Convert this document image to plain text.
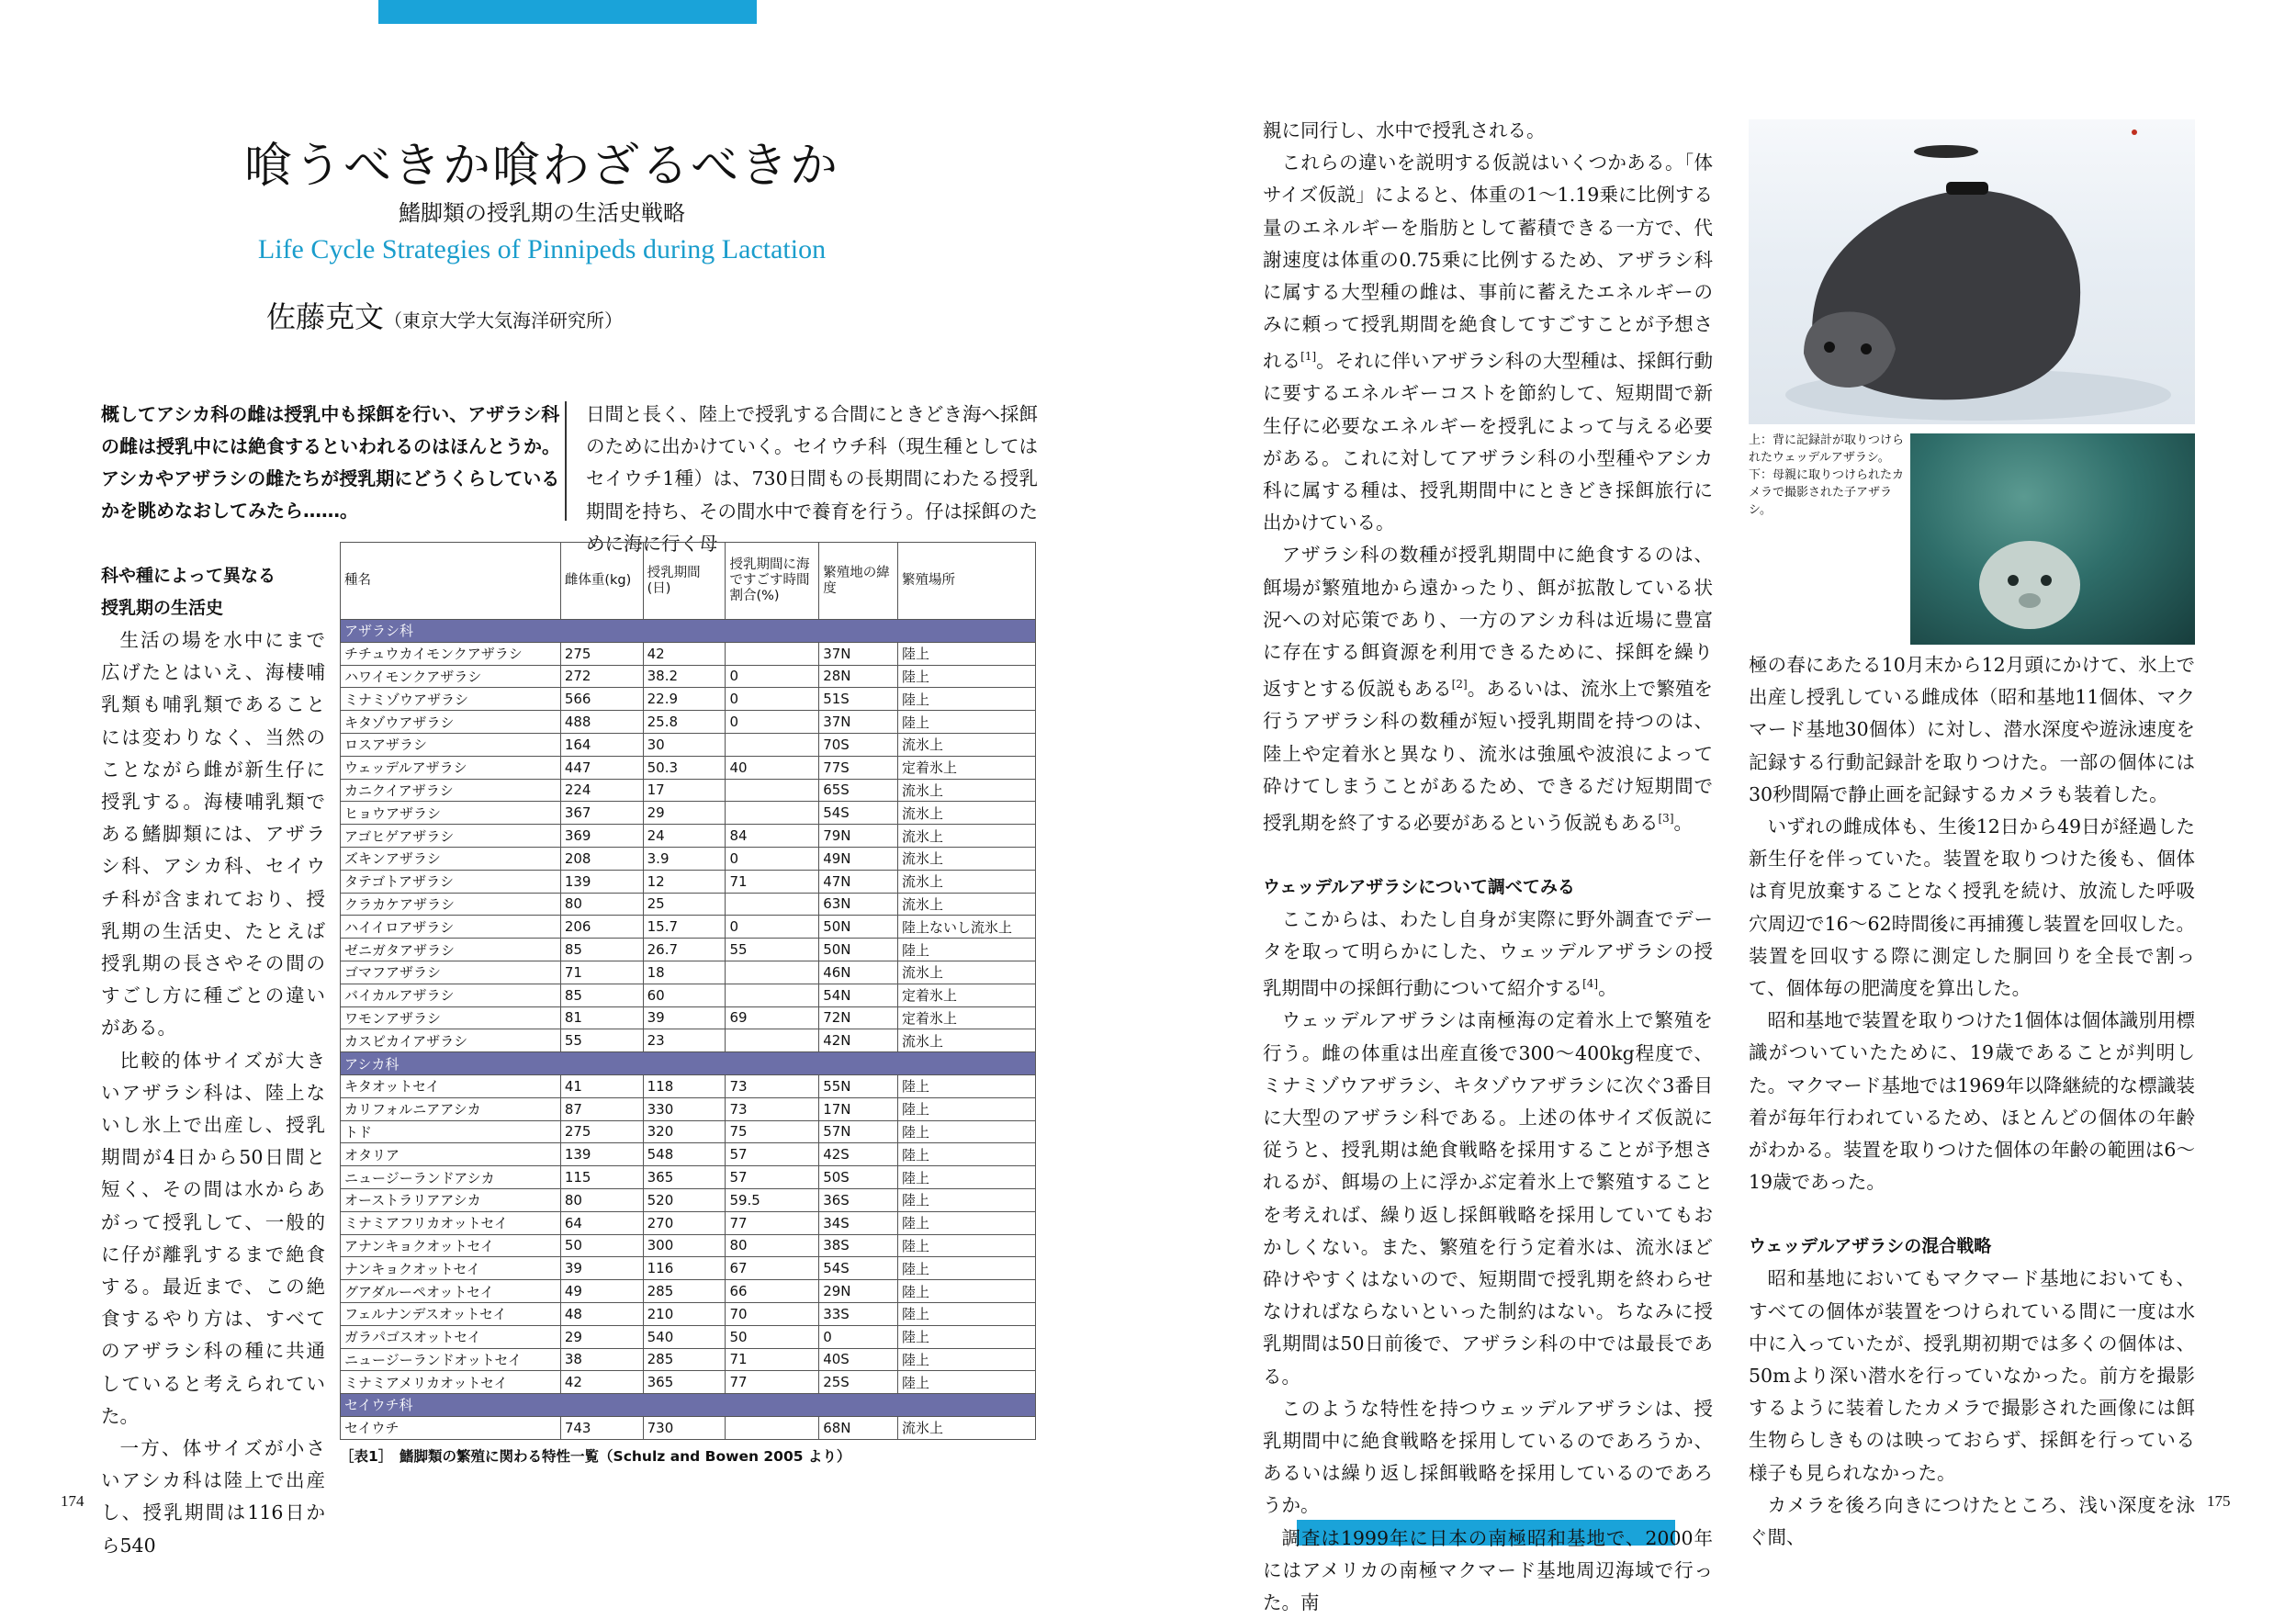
喰うべきか喰わざるべきか
鰭脚類の授乳期の生活史戦略
Life Cycle Strategies of Pinnipeds during Lactation
佐藤克文（東京大学大気海洋研究所）
概してアシカ科の雌は授乳中も採餌を行い、アザラシ科の雌は授乳中には絶食するといわれるのはほんとうか。アシカやアザラシの雌たちが授乳期にどうくらしているかを眺めなおしてみたら……。

科や種によって異なる

授乳期の生活史

生活の場を水中にまで広げたとはいえ、海棲哺乳類も哺乳類であることには変わりなく、当然のことながら雌が新生仔に授乳する。海棲哺乳類である鰭脚類には、アザラシ科、アシカ科、セイウチ科が含まれており、授乳期の生活史、たとえば授乳期の長さやその間のすごし方に種ごとの違いがある。

比較的体サイズが大きいアザラシ科は、陸上ないし氷上で出産し、授乳期間が4日から50日間と短く、その間は水からあがって授乳して、一般的に仔が離乳するまで絶食する。最近まで、この絶食するやり方は、すべてのアザラシ科の種に共通していると考えられていた。

一方、体サイズが小さいアシカ科は陸上で出産し、授乳期間は116日から540

日間と長く、陸上で授乳する合間にときどき海へ採餌のために出かけていく。セイウチ科（現生種としてはセイウチ1種）は、730日間もの長期間にわたる授乳期間を持ち、その間水中で養育を行う。仔は採餌のために海に行く母

種名	雌体重(kg)	授乳期間(日)	授乳期間に海ですごす時間割合(%)	繁殖地の緯度	繁殖場所
アザラシ科					
チチュウカイモンクアザラシ	275	42		37N	陸上
ハワイモンクアザラシ	272	38.2	0	28N	陸上
ミナミゾウアザラシ	566	22.9	0	51S	陸上
キタゾウアザラシ	488	25.8	0	37N	陸上
ロスアザラシ	164	30		70S	流氷上
ウェッデルアザラシ	447	50.3	40	77S	定着氷上
カニクイアザラシ	224	17		65S	流氷上
ヒョウアザラシ	367	29		54S	流氷上
アゴヒゲアザラシ	369	24	84	79N	流氷上
ズキンアザラシ	208	3.9	0	49N	流氷上
タテゴトアザラシ	139	12	71	47N	流氷上
クラカケアザラシ	80	25		63N	流氷上
ハイイロアザラシ	206	15.7	0	50N	陸上ないし流氷上
ゼニガタアザラシ	85	26.7	55	50N	陸上
ゴマフアザラシ	71	18		46N	流氷上
バイカルアザラシ	85	60		54N	定着氷上
ワモンアザラシ	81	39	69	72N	定着氷上
カスピカイアザラシ	55	23		42N	流氷上
アシカ科					
キタオットセイ	41	118	73	55N	陸上
カリフォルニアアシカ	87	330	73	17N	陸上
トド	275	320	75	57N	陸上
オタリア	139	548	57	42S	陸上
ニュージーランドアシカ	115	365	57	50S	陸上
オーストラリアアシカ	80	520	59.5	36S	陸上
ミナミアフリカオットセイ	64	270	77	34S	陸上
アナンキョクオットセイ	50	300	80	38S	陸上
ナンキョクオットセイ	39	116	67	54S	陸上
グアダルーペオットセイ	49	285	66	29N	陸上
フェルナンデスオットセイ	48	210	70	33S	陸上
ガラパゴスオットセイ	29	540	50	0	陸上
ニュージーランドオットセイ	38	285	71	40S	陸上
ミナミアメリカオットセイ	42	365	77	25S	陸上
セイウチ科					
セイウチ	743	730		68N	流氷上
［表1］　鰭脚類の繁殖に関わる特性一覧（Schulz and Bowen 2005 より）
174

親に同行し、水中で授乳される。

これらの違いを説明する仮説はいくつかある。「体サイズ仮説」によると、体重の1～1.19乗に比例する量のエネルギーを脂肪として蓄積できる一方で、代謝速度は体重の0.75乗に比例するため、アザラシ科に属する大型種の雌は、事前に蓄えたエネルギーのみに頼って授乳期間を絶食してすごすことが予想される[1]。それに伴いアザラシ科の大型種は、採餌行動に要するエネルギーコストを節約して、短期間で新生仔に必要なエネルギーを授乳によって与える必要がある。これに対してアザラシ科の小型種やアシカ科に属する種は、授乳期間中にときどき採餌旅行に出かけている。

アザラシ科の数種が授乳期間中に絶食するのは、餌場が繁殖地から遠かったり、餌が拡散している状況への対応策であり、一方のアシカ科は近場に豊富に存在する餌資源を利用できるために、採餌を繰り返すとする仮説もある[2]。あるいは、流氷上で繁殖を行うアザラシ科の数種が短い授乳期間を持つのは、陸上や定着氷と異なり、流氷は強風や波浪によって砕けてしまうことがあるため、できるだけ短期間で授乳期を終了する必要があるという仮説もある[3]。

ウェッデルアザラシについて調べてみる

ここからは、わたし自身が実際に野外調査でデータを取って明らかにした、ウェッデルアザラシの授乳期間中の採餌行動について紹介する[4]。

ウェッデルアザラシは南極海の定着氷上で繁殖を行う。雌の体重は出産直後で300～400kg程度で、ミナミゾウアザラシ、キタゾウアザラシに次ぐ3番目に大型のアザラシ科である。上述の体サイズ仮説に従うと、授乳期は絶食戦略を採用することが予想されるが、餌場の上に浮かぶ定着氷上で繁殖することを考えれば、繰り返し採餌戦略を採用していてもおかしくない。また、繁殖を行う定着氷は、流氷ほど砕けやすくはないので、短期間で授乳期を終わらせなければならないといった制約はない。ちなみに授乳期間は50日前後で、アザラシ科の中では最長である。

このような特性を持つウェッデルアザラシは、授乳期間中に絶食戦略を採用しているのであろうか、あるいは繰り返し採餌戦略を採用しているのであろうか。

調査は1999年に日本の南極昭和基地で、2000年にはアメリカの南極マクマード基地周辺海域で行った。南

上：背に記録計が取りつけられたウェッデルアザラシ。下：母親に取りつけられたカメラで撮影された子アザラシ。

極の春にあたる10月末から12月頭にかけて、氷上で出産し授乳している雌成体（昭和基地11個体、マクマード基地30個体）に対し、潜水深度や遊泳速度を記録する行動記録計を取りつけた。一部の個体には30秒間隔で静止画を記録するカメラも装着した。

いずれの雌成体も、生後12日から49日が経過した新生仔を伴っていた。装置を取りつけた後も、個体は育児放棄することなく授乳を続け、放流した呼吸穴周辺で16～62時間後に再捕獲し装置を回収した。装置を回収する際に測定した胴回りを全長で割って、個体毎の肥満度を算出した。

昭和基地で装置を取りつけた1個体は個体識別用標識がついていたために、19歳であることが判明した。マクマード基地では1969年以降継続的な標識装着が毎年行われているため、ほとんどの個体の年齢がわかる。装置を取りつけた個体の年齢の範囲は6～19歳であった。

ウェッデルアザラシの混合戦略

昭和基地においてもマクマード基地においても、すべての個体が装置をつけられている間に一度は水中に入っていたが、授乳期初期では多くの個体は、50mより深い潜水を行っていなかった。前方を撮影するように装着したカメラで撮影された画像には餌生物らしきものは映っておらず、採餌を行っている様子も見られなかった。

カメラを後ろ向きにつけたところ、浅い深度を泳ぐ間、

175
